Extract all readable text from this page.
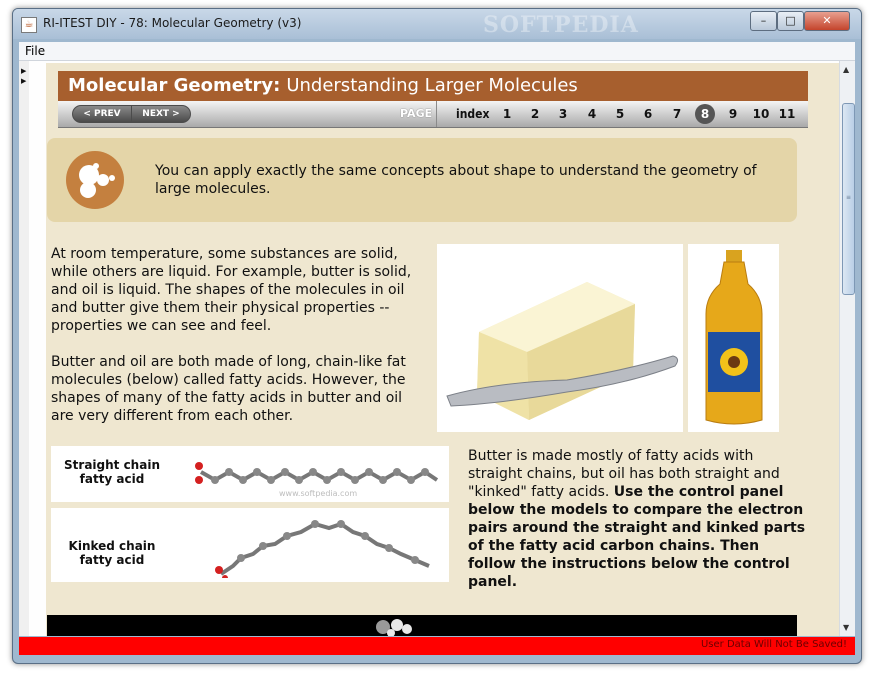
☕ RI-ITEST DIY - 78: Molecular Geometry (v3)	SOFTPEDIA	–	□	✕
File
▶
▶ Molecular Geometry: Understanding Larger Molecules
< PREV	NEXT >	PAGE index	1	2	3	4	5	6	7	8	9	10 11
You can apply exactly the same concepts about shape to understand the geometry of large molecules.
At room temperature, some substances are solid, while others are liquid. For example, butter is solid, and oil is liquid. The shapes of the molecules in oil and butter give them their physical properties -- properties we can see and feel.
Butter and oil are both made of long, chain-like fat molecules (below) called fatty acids. However, the shapes of many of the fatty acids in butter and oil are very different from each other.
Straight chain fatty acid
www.softpedia.com
Kinked chain fatty acid
Butter is made mostly of fatty acids with straight chains, but oil has both straight and "kinked" fatty acids. Use the control panel below the models to compare the electron pairs around the straight and kinked parts of the fatty acid carbon chains. Then follow the instructions below the control panel.
▲
≡
▼
User Data Will Not Be Saved!
